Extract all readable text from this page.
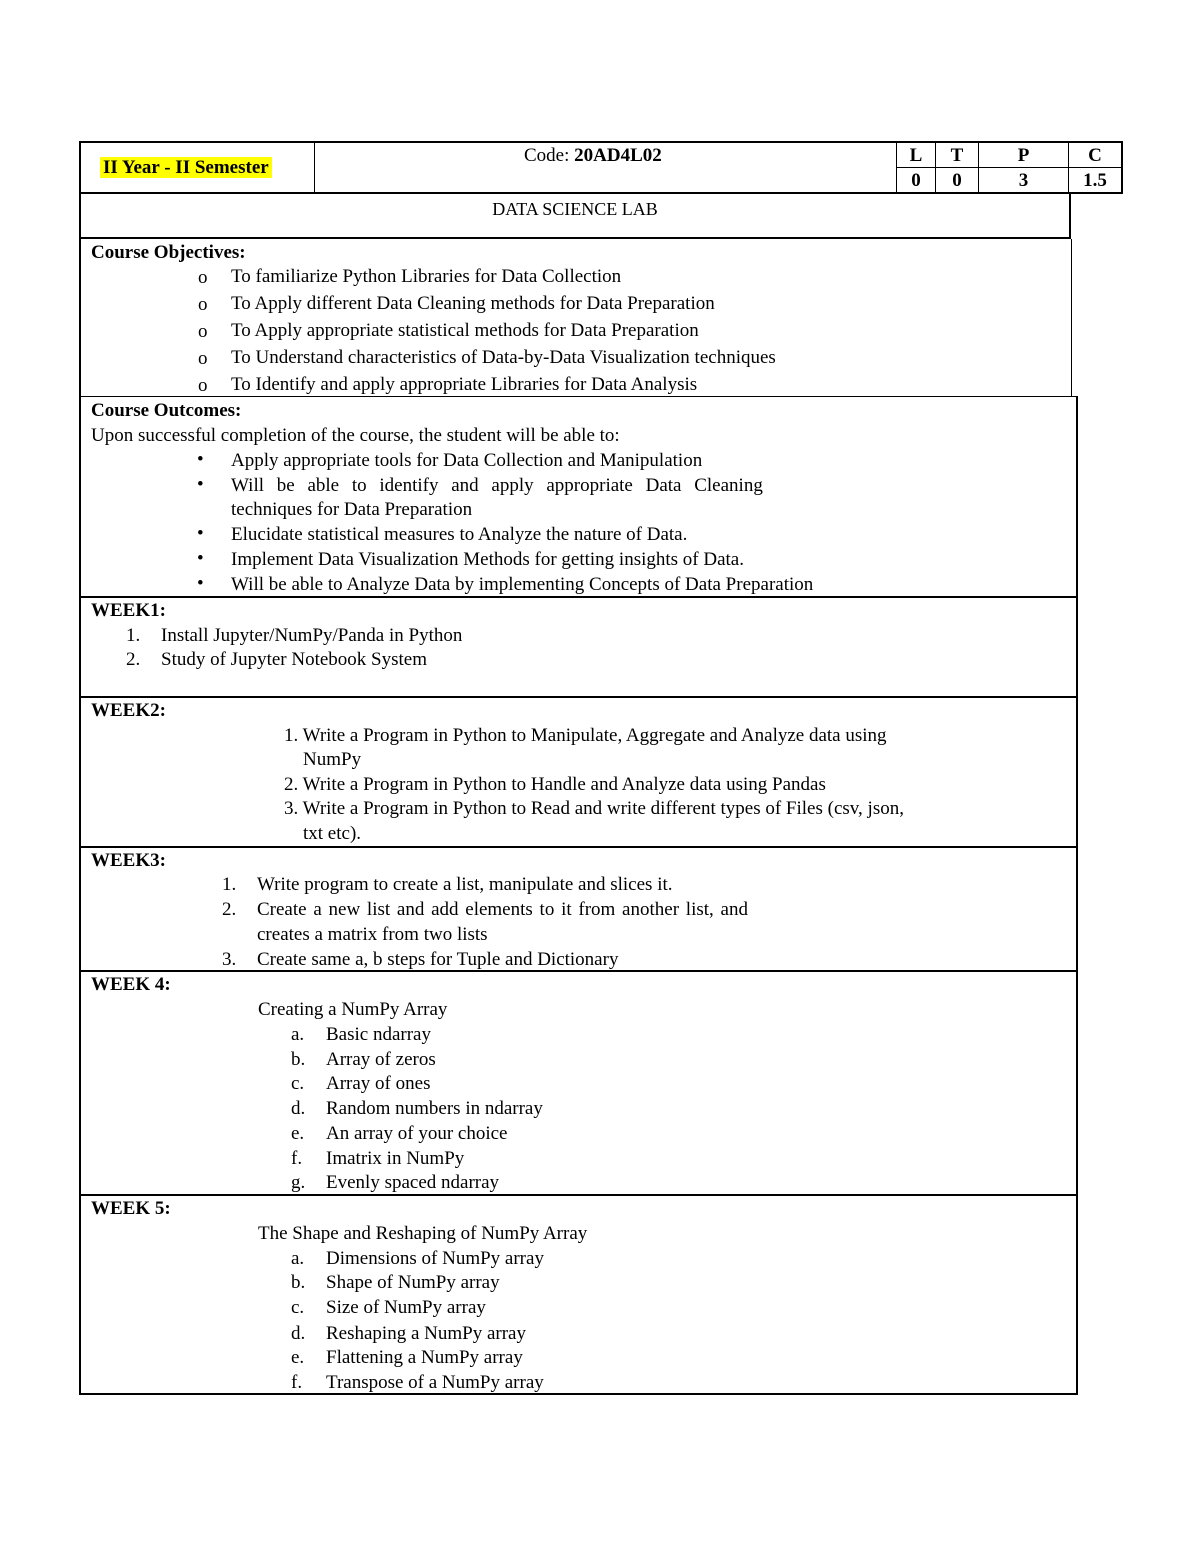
II Year - II Semester
Code: 20AD4L02	L	T	P	C
0	0	3	1.5
DATA SCIENCE LAB
Course Objectives:
o To familiarize Python Libraries for Data Collection
o To Apply different Data Cleaning methods for Data Preparation
o To Apply appropriate statistical methods for Data Preparation
o To Understand characteristics of Data-by-Data Visualization techniques
o To Identify and apply appropriate Libraries for Data Analysis
Course Outcomes:
Upon successful completion of the course, the student will be able to:
• Apply appropriate tools for Data Collection and Manipulation
• Will be able to identify and apply appropriate Data Cleaning
techniques for Data Preparation
• Elucidate statistical measures to Analyze the nature of Data.
• Implement Data Visualization Methods for getting insights of Data.
• Will be able to Analyze Data by implementing Concepts of Data Preparation
WEEK1:
1. Install Jupyter/NumPy/Panda in Python
2. Study of Jupyter Notebook System
WEEK2:
1. Write a Program in Python to Manipulate, Aggregate and Analyze data using
NumPy
2. Write a Program in Python to Handle and Analyze data using Pandas
3. Write a Program in Python to Read and write different types of Files (csv, json,
txt etc).
WEEK3:
1. Write program to create a list, manipulate and slices it.
2. Create a new list and add elements to it from another list, and
creates a matrix from two lists
3. Create same a, b steps for Tuple and Dictionary
WEEK 4:
Creating a NumPy Array
a. Basic ndarray
b. Array of zeros
c. Array of ones
d. Random numbers in ndarray
e. An array of your choice
f. Imatrix in NumPy
g. Evenly spaced ndarray
WEEK 5:
The Shape and Reshaping of NumPy Array
a. Dimensions of NumPy array
b. Shape of NumPy array
c. Size of NumPy array
d. Reshaping a NumPy array
e. Flattening a NumPy array
f. Transpose of a NumPy array
